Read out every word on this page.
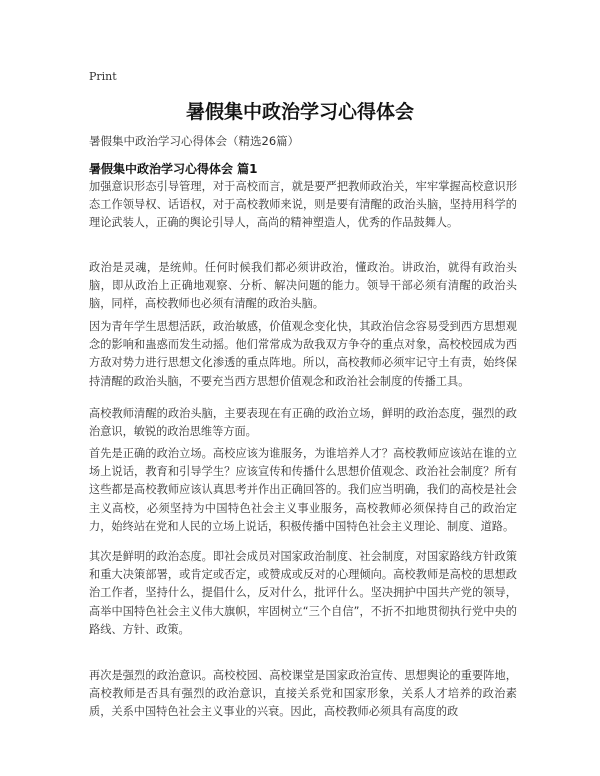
Print
暑假集中政治学习心得体会
暑假集中政治学习心得体会（精选26篇）
暑假集中政治学习心得体会 篇1

加强意识形态引导管理，对于高校而言，就是要严把教师政治关，牢牢掌握高校意识形态工作领导权、话语权，对于高校教师来说，则是要有清醒的政治头脑，坚持用科学的理论武装人，正确的舆论引导人，高尚的精神塑造人，优秀的作品鼓舞人。

政治是灵魂，是统帅。任何时候我们都必须讲政治，懂政治。讲政治，就得有政治头脑，即从政治上正确地观察、分析、解决问题的能力。领导干部必须有清醒的政治头脑，同样，高校教师也必须有清醒的政治头脑。

因为青年学生思想活跃，政治敏感，价值观念变化快，其政治信念容易受到西方思想观念的影响和蛊惑而发生动摇。他们常常成为敌我双方争夺的重点对象，高校校园成为西方敌对势力进行思想文化渗透的重点阵地。所以，高校教师必须牢记守土有责，始终保持清醒的政治头脑，不要充当西方思想价值观念和政治社会制度的传播工具。

高校教师清醒的政治头脑，主要表现在有正确的政治立场，鲜明的政治态度，强烈的政治意识，敏锐的政治思维等方面。

首先是正确的政治立场。高校应该为谁服务，为谁培养人才？高校教师应该站在谁的立场上说话，教育和引导学生？应该宣传和传播什么思想价值观念、政治社会制度？所有这些都是高校教师应该认真思考并作出正确回答的。我们应当明确，我们的高校是社会主义高校，必须坚持为中国特色社会主义事业服务，高校教师必须保持自己的政治定力，始终站在党和人民的立场上说话，积极传播中国特色社会主义理论、制度、道路。

其次是鲜明的政治态度。即社会成员对国家政治制度、社会制度，对国家路线方针政策和重大决策部署，或肯定或否定，或赞成或反对的心理倾向。高校教师是高校的思想政治工作者，坚持什么，提倡什么，反对什么，批评什么。坚决拥护中国共产党的领导，高举中国特色社会主义伟大旗帜，牢固树立“三个自信”，不折不扣地贯彻执行党中央的路线、方针、政策。

再次是强烈的政治意识。高校校园、高校课堂是国家政治宣传、思想舆论的重要阵地，高校教师是否具有强烈的政治意识，直接关系党和国家形象，关系人才培养的政治素质，关系中国特色社会主义事业的兴衰。因此，高校教师必须具有高度的政
